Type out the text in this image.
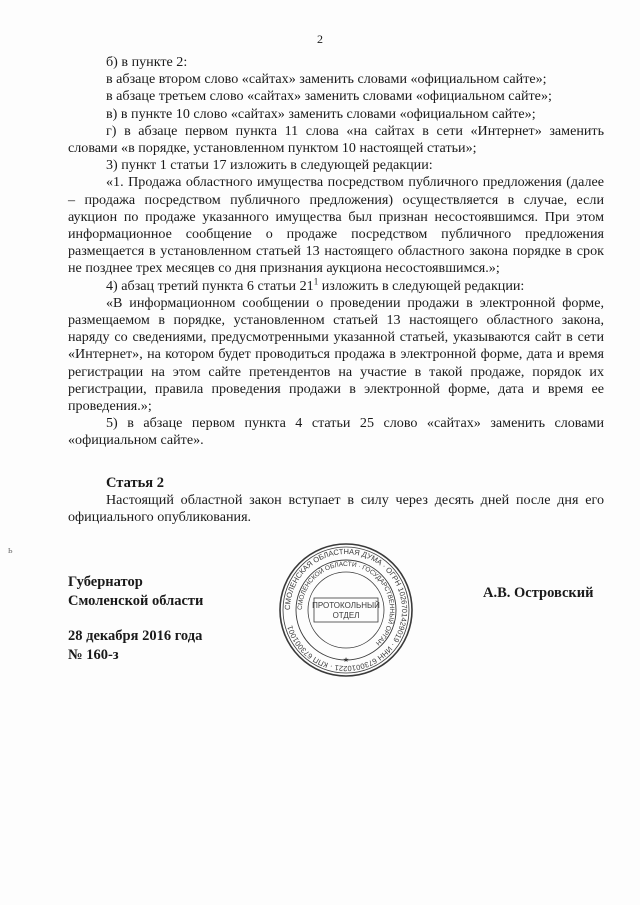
2

б) в пункте 2:

в абзаце втором слово «сайтах» заменить словами «официальном сайте»;

в абзаце третьем слово «сайтах» заменить словами «официальном сайте»;

в) в пункте 10 слово «сайтах» заменить словами «официальном сайте»;

г) в абзаце первом пункта 11 слова «на сайтах в сети «Интернет» заменить словами «в порядке, установленном пунктом 10 настоящей статьи»;

3) пункт 1 статьи 17 изложить в следующей редакции:

«1. Продажа областного имущества посредством публичного предложения (далее – продажа посредством публичного предложения) осуществляется в случае, если аукцион по продаже указанного имущества был признан несостоявшимся. При этом информационное сообщение о продаже посредством публичного предложения размещается в установленном статьей 13 настоящего областного закона порядке в срок не позднее трех месяцев со дня признания аукциона несостоявшимся.»;

4) абзац третий пункта 6 статьи $21^1$ изложить в следующей редакции:

«В информационном сообщении о проведении продажи в электронной форме, размещаемом в порядке, установленном статьей 13 настоящего областного закона, наряду со сведениями, предусмотренными указанной статьей, указываются сайт в сети «Интернет», на котором будет проводиться продажа в электронной форме, дата и время регистрации на этом сайте претендентов на участие в такой продаже, порядок их регистрации, правила проведения продажи в электронной форме, дата и время ее проведения.»;

5) в абзаце первом пункта 4 статьи 25 слово «сайтах» заменить словами «официальном сайте».

Статья 2

Настоящий областной закон вступает в силу через десять дней после дня его официального опубликования.

Губернатор
Смоленской области
28 декабря 2016 года
№ 160-з
А.В. Островский
СМОЛЕНСКАЯ ОБЛАСТНАЯ ДУМА · ОГРН 1026701429019 · ИНН 6730010221 · КПП 673001001
СМОЛЕНСКОЙ ОБЛАСТИ · ГОСУДАРСТВЕННЫЙ ОРГАН
ПРОТОКОЛЬНЫЙ
ОТДЕЛ
★
ь
